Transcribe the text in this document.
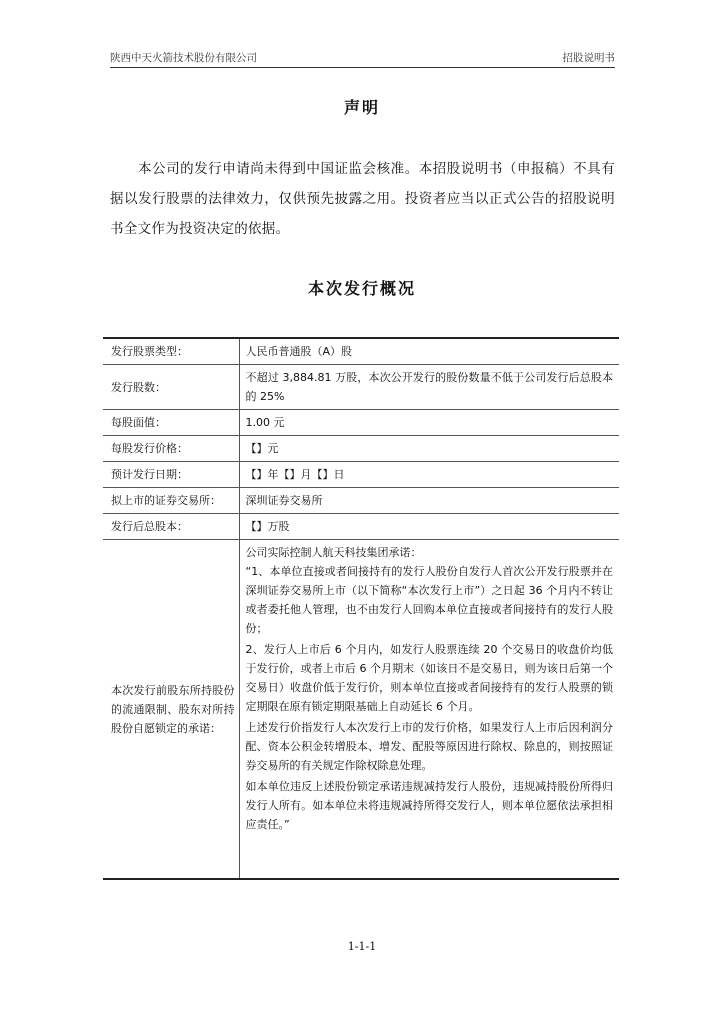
陕西中天火箭技术股份有限公司	招股说明书
声明
本公司的发行申请尚未得到中国证监会核准。本招股说明书（申报稿）不具有据以发行股票的法律效力，仅供预先披露之用。投资者应当以正式公告的招股说明书全文作为投资决定的依据。
本次发行概况
发行股票类型：	人民币普通股（A）股
发行股数：	不超过 3,884.81 万股，本次公开发行的股份数量不低于公司发行后总股本的 25%
每股面值：	1.00 元
每股发行价格：	【】元
预计发行日期：	【】年【】月【】日
拟上市的证券交易所：	深圳证券交易所
发行后总股本：	【】万股
本次发行前股东所持股份的流通限制、股东对所持股份自愿锁定的承诺：	公司实际控制人航天科技集团承诺：

“1、本单位直接或者间接持有的发行人股份自发行人首次公开发行股票并在深圳证券交易所上市（以下简称“本次发行上市”）之日起 36 个月内不转让或者委托他人管理，也不由发行人回购本单位直接或者间接持有的发行人股份；

2、发行人上市后 6 个月内，如发行人股票连续 20 个交易日的收盘价均低于发行价，或者上市后 6 个月期末（如该日不是交易日，则为该日后第一个交易日）收盘价低于发行价，则本单位直接或者间接持有的发行人股票的锁定期限在原有锁定期限基础上自动延长 6 个月。

上述发行价指发行人本次发行上市的发行价格，如果发行人上市后因利润分配、资本公积金转增股本、增发、配股等原因进行除权、除息的，则按照证券交易所的有关规定作除权除息处理。

如本单位违反上述股份锁定承诺违规减持发行人股份，违规减持股份所得归发行人所有。如本单位未将违规减持所得交发行人，则本单位愿依法承担相应责任。”

1-1-1
